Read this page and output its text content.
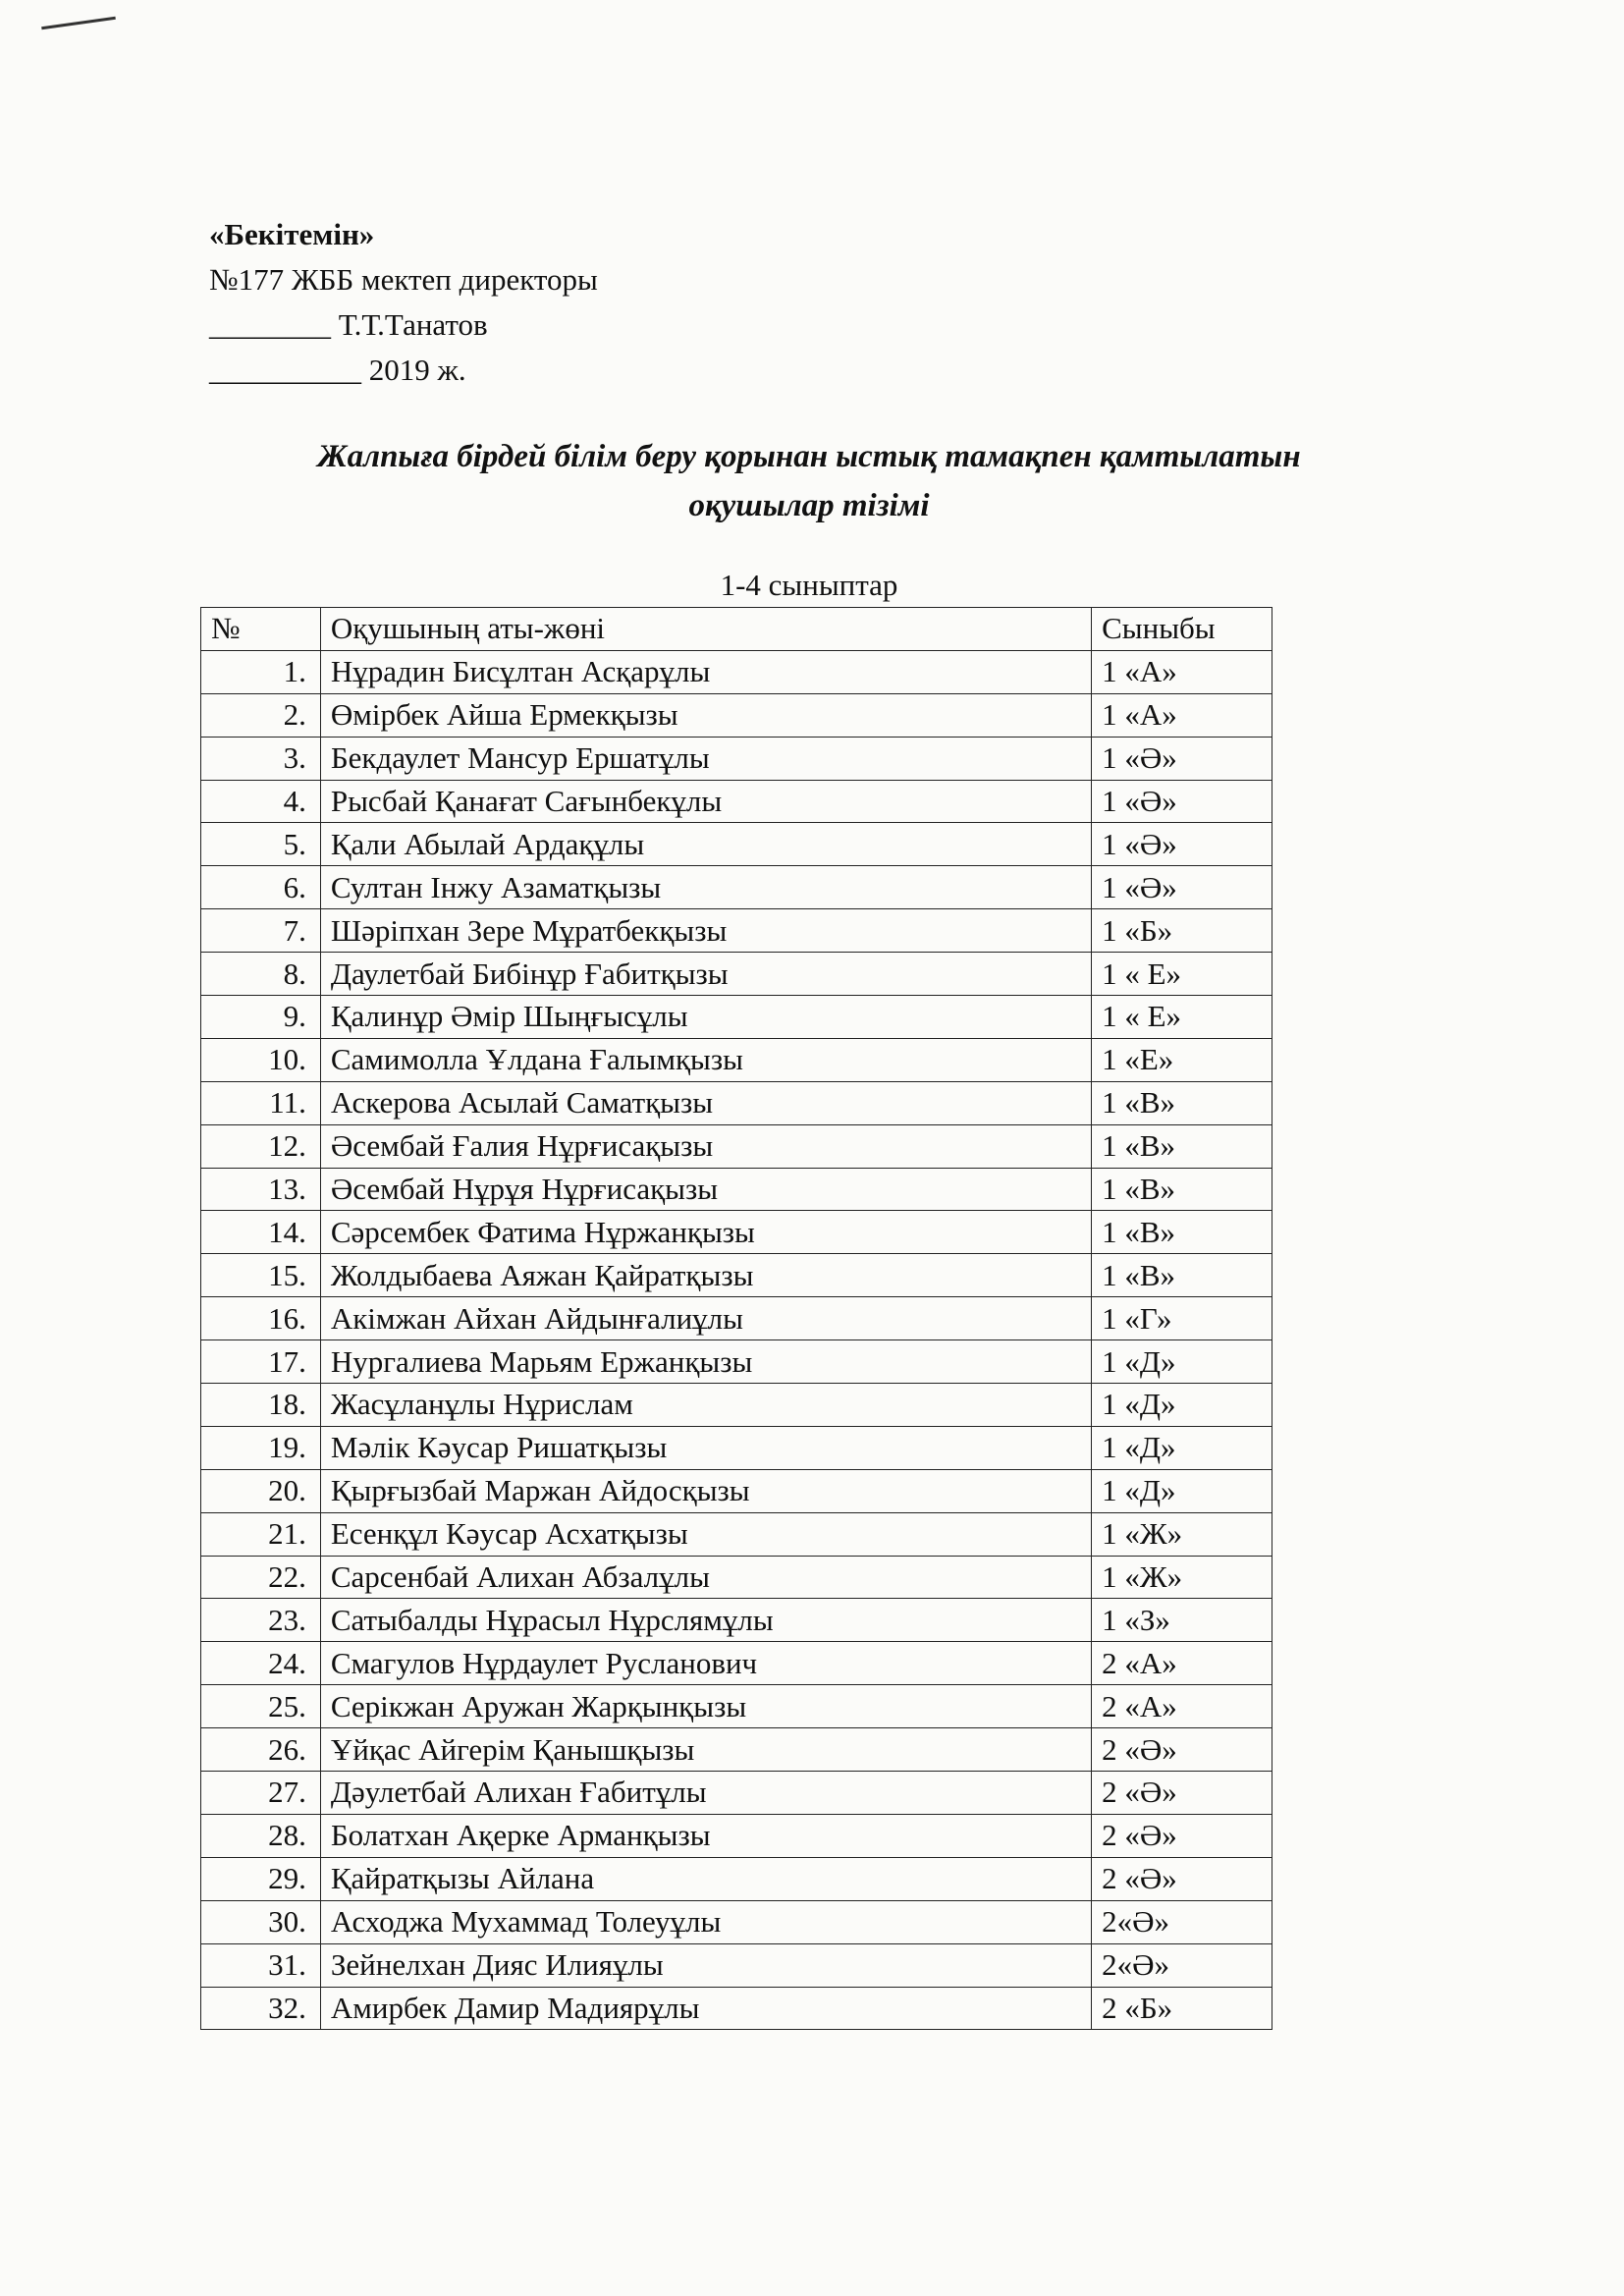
«Бекітемін»
№177 ЖББ мектеп директоры
________ Т.Т.Танатов
__________ 2019 ж.
Жалпыға бірдей білім беру қорынан ыстық тамақпен қамтылатын
оқушылар тізімі
1-4 сыныптар
№	Оқушының аты-жөні	Сыныбы
1.	Нұрадин Бисұлтан Асқарұлы	1 «А»
2.	Өмірбек Айша Ермекқызы	1 «А»
3.	Бекдаулет Мансур Ершатұлы	1 «Ә»
4.	Рысбай Қанағат Сағынбекұлы	1 «Ә»
5.	Қали Абылай Ардақұлы	1 «Ә»
6.	Султан Інжу Азаматқызы	1 «Ә»
7.	Шәріпхан Зере Мұратбекқызы	1 «Б»
8.	Даулетбай Бибінұр Ғабитқызы	1 « Е»
9.	Қалинұр Әмір Шыңғысұлы	1 « Е»
10.	Самимолла Ұлдана Ғалымқызы	1 «Е»
11.	Аскерова Асылай Саматқызы	1 «В»
12.	Әсембай Ғалия Нұрғисақызы	1 «В»
13.	Әсембай Нұрұя Нұрғисақызы	1 «В»
14.	Сәрсембек Фатима Нұржанқызы	1 «В»
15.	Жолдыбаева Аяжан Қайратқызы	1 «В»
16.	Акімжан Айхан Айдынғалиұлы	1 «Г»
17.	Нургалиева Марьям Ержанқызы	1 «Д»
18.	Жасұланұлы Нұрислам	1 «Д»
19.	Мәлік Кәусар Ришатқызы	1 «Д»
20.	Қырғызбай Маржан Айдосқызы	1 «Д»
21.	Есенқұл Кәусар Асхатқызы	1 «Ж»
22.	Сарсенбай Алихан Абзалұлы	1 «Ж»
23.	Сатыбалды Нұрасыл Нұрслямұлы	1 «З»
24.	Смагулов Нұрдаулет Русланович	2 «А»
25.	Серікжан Аружан Жарқынқызы	2 «А»
26.	Ұйқас Айгерім Қанышқызы	2 «Ә»
27.	Дәулетбай Алихан Ғабитұлы	2 «Ә»
28.	Болатхан Ақерке Арманқызы	2 «Ә»
29.	Қайратқызы Айлана	2 «Ә»
30.	Асходжа Мухаммад Толеуұлы	2«Ә»
31.	Зейнелхан Дияс Илияұлы	2«Ә»
32.	Амирбек Дамир Мадиярұлы	2 «Б»
